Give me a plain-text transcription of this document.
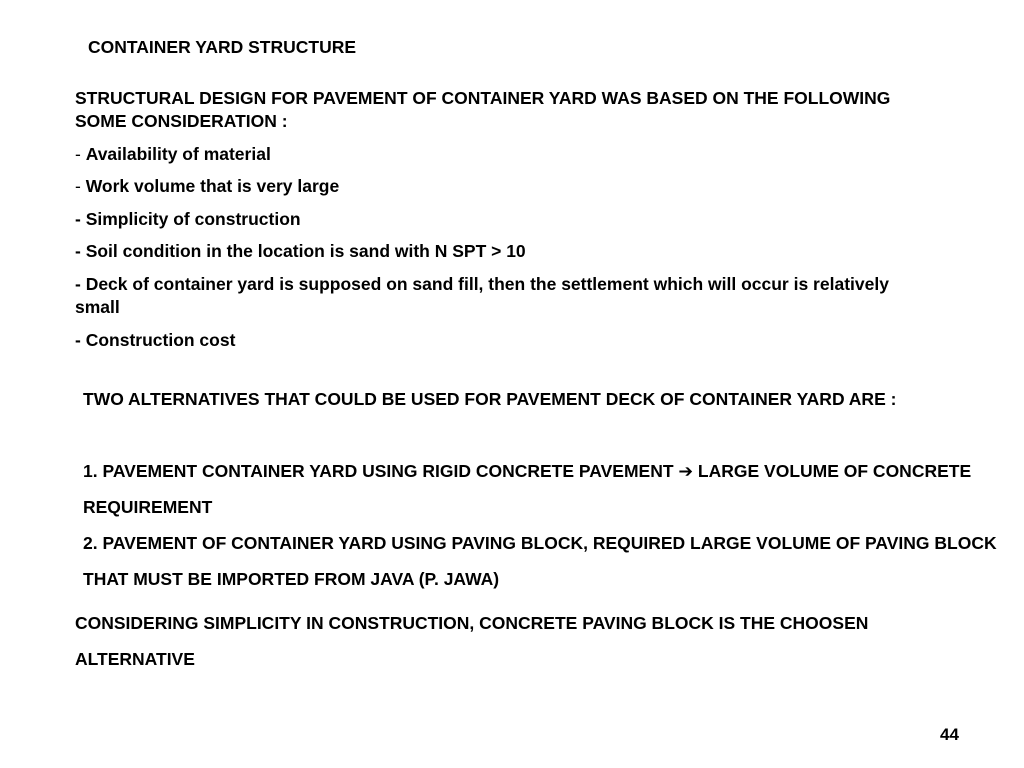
CONTAINER YARD STRUCTURE

STRUCTURAL DESIGN FOR PAVEMENT OF CONTAINER YARD WAS BASED ON THE FOLLOWING SOME CONSIDERATION :

- Availability of material

- Work volume that is very large

- Simplicity of construction

- Soil condition in the location is sand with N SPT > 10

- Deck of container yard is supposed on sand fill, then the settlement which will occur is relatively small

- Construction cost

TWO ALTERNATIVES THAT COULD BE USED FOR PAVEMENT DECK OF CONTAINER YARD ARE :

1. PAVEMENT CONTAINER YARD USING RIGID CONCRETE PAVEMENT ➔ LARGE VOLUME OF CONCRETE REQUIREMENT

2. PAVEMENT OF CONTAINER YARD USING PAVING BLOCK, REQUIRED LARGE VOLUME OF PAVING BLOCK THAT MUST BE IMPORTED FROM JAVA (P. JAWA)

CONSIDERING SIMPLICITY IN CONSTRUCTION, CONCRETE PAVING BLOCK IS THE CHOOSEN ALTERNATIVE

44
